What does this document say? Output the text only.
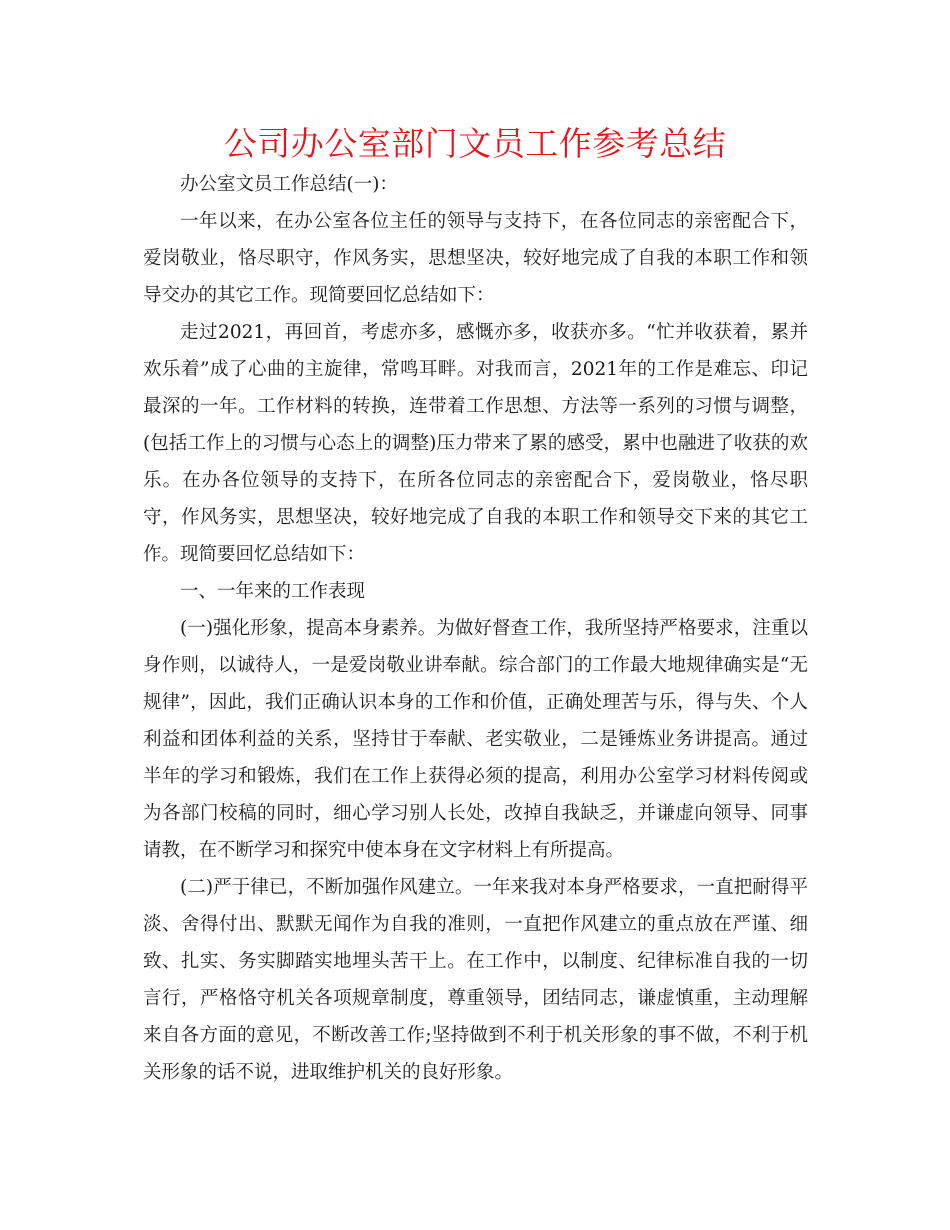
公司办公室部门文员工作参考总结

办公室文员工作总结(一)：

一年以来，在办公室各位主任的领导与支持下，在各位同志的亲密配合下，爱岗敬业，恪尽职守，作风务实，思想坚决，较好地完成了自我的本职工作和领导交办的其它工作。现简要回忆总结如下：

走过2021，再回首，考虑亦多，感慨亦多，收获亦多。“忙并收获着，累并欢乐着”成了心曲的主旋律，常鸣耳畔。对我而言，2021年的工作是难忘、印记最深的一年。工作材料的转换，连带着工作思想、方法等一系列的习惯与调整，(包括工作上的习惯与心态上的调整)压力带来了累的感受，累中也融进了收获的欢乐。在办各位领导的支持下，在所各位同志的亲密配合下，爱岗敬业，恪尽职守，作风务实，思想坚决，较好地完成了自我的本职工作和领导交下来的其它工作。现简要回忆总结如下：

一、一年来的工作表现

(一)强化形象，提高本身素养。为做好督查工作，我所坚持严格要求，注重以身作则，以诚待人，一是爱岗敬业讲奉献。综合部门的工作最大地规律确实是“无规律”，因此，我们正确认识本身的工作和价值，正确处理苦与乐，得与失、个人利益和团体利益的关系，坚持甘于奉献、老实敬业，二是锤炼业务讲提高。通过半年的学习和锻炼，我们在工作上获得必须的提高，利用办公室学习材料传阅或为各部门校稿的同时，细心学习别人长处，改掉自我缺乏，并谦虚向领导、同事请教，在不断学习和探究中使本身在文字材料上有所提高。

(二)严于律已，不断加强作风建立。一年来我对本身严格要求，一直把耐得平淡、舍得付出、默默无闻作为自我的准则，一直把作风建立的重点放在严谨、细致、扎实、务实脚踏实地埋头苦干上。在工作中，以制度、纪律标准自我的一切言行，严格恪守机关各项规章制度，尊重领导，团结同志，谦虚慎重，主动理解来自各方面的意见，不断改善工作;坚持做到不利于机关形象的事不做，不利于机关形象的话不说，进取维护机关的良好形象。
